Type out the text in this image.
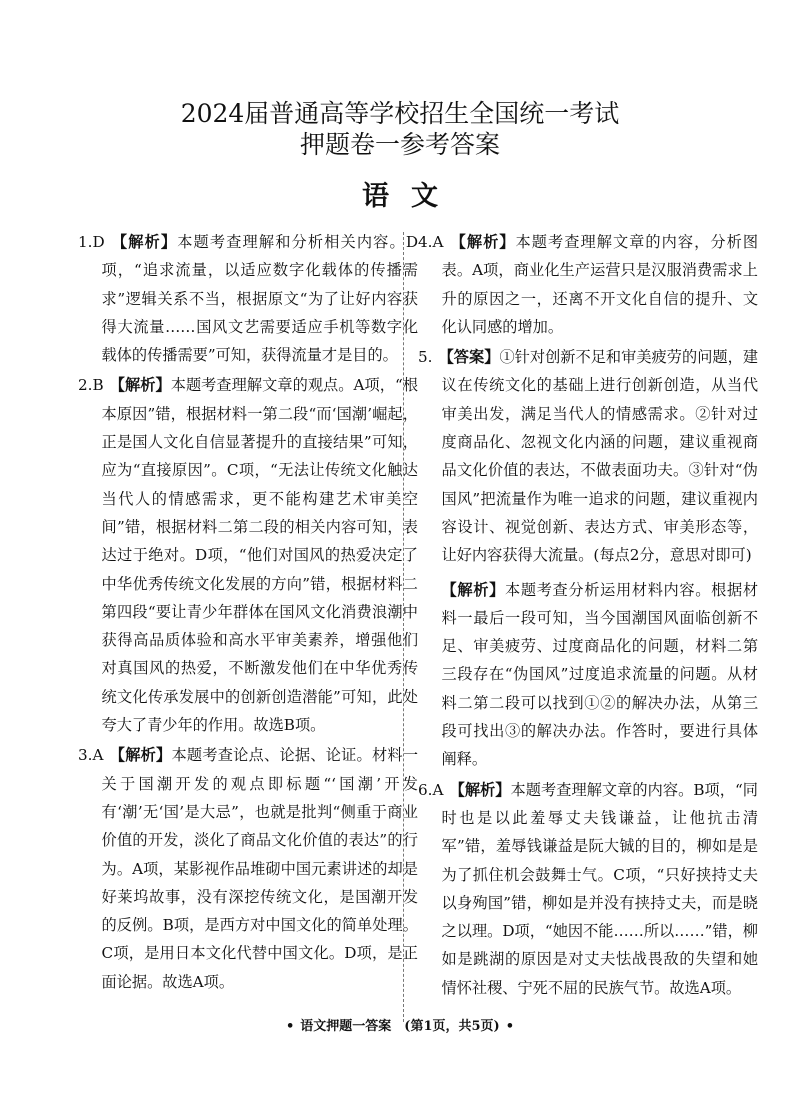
2024届普通高等学校招生全国统一考试
押题卷一参考答案
语文
1.D 【解析】本题考查理解和分析相关内容。D项，“追求流量，以适应数字化载体的传播需求”逻辑关系不当，根据原文“为了让好内容获得大流量……国风文艺需要适应手机等数字化载体的传播需要”可知，获得流量才是目的。
2.B 【解析】本题考查理解文章的观点。A项，“根本原因”错，根据材料一第二段“而‘国潮’崛起，正是国人文化自信显著提升的直接结果”可知，应为“直接原因”。C项，“无法让传统文化触达当代人的情感需求，更不能构建艺术审美空间”错，根据材料二第二段的相关内容可知，表达过于绝对。D项，“他们对国风的热爱决定了中华优秀传统文化发展的方向”错，根据材料二第四段“要让青少年群体在国风文化消费浪潮中获得高品质体验和高水平审美素养，增强他们对真国风的热爱，不断激发他们在中华优秀传统文化传承发展中的创新创造潜能”可知，此处夸大了青少年的作用。故选B项。
3.A 【解析】本题考查论点、论据、论证。材料一关于国潮开发的观点即标题“‘国潮’开发有‘潮’无‘国’是大忌”，也就是批判“侧重于商业价值的开发，淡化了商品文化价值的表达”的行为。A项，某影视作品堆砌中国元素讲述的却是好莱坞故事，没有深挖传统文化，是国潮开发的反例。B项，是西方对中国文化的简单处理。C项，是用日本文化代替中国文化。D项，是正面论据。故选A项。
4.A 【解析】本题考查理解文章的内容，分析图表。A项，商业化生产运营只是汉服消费需求上升的原因之一，还离不开文化自信的提升、文化认同感的增加。
5. 【答案】①针对创新不足和审美疲劳的问题，建议在传统文化的基础上进行创新创造，从当代审美出发，满足当代人的情感需求。②针对过度商品化、忽视文化内涵的问题，建议重视商品文化价值的表达，不做表面功夫。③针对“伪国风”把流量作为唯一追求的问题，建议重视内容设计、视觉创新、表达方式、审美形态等，让好内容获得大流量。(每点2分，意思对即可)
【解析】本题考查分析运用材料内容。根据材料一最后一段可知，当今国潮国风面临创新不足、审美疲劳、过度商品化的问题，材料二第三段存在“伪国风”过度追求流量的问题。从材料二第二段可以找到①②的解决办法，从第三段可找出③的解决办法。作答时，要进行具体阐释。
6.A 【解析】本题考查理解文章的内容。B项，“同时也是以此羞辱丈夫钱谦益，让他抗击清军”错，羞辱钱谦益是阮大铖的目的，柳如是是为了抓住机会鼓舞士气。C项，“只好挟持丈夫以身殉国”错，柳如是并没有挟持丈夫，而是晓之以理。D项，“她因不能……所以……”错，柳如是跳湖的原因是对丈夫怯战畏敌的失望和她情怀社稷、宁死不屈的民族气节。故选A项。
• 语文押题一答案　(第1页，共5页) •
